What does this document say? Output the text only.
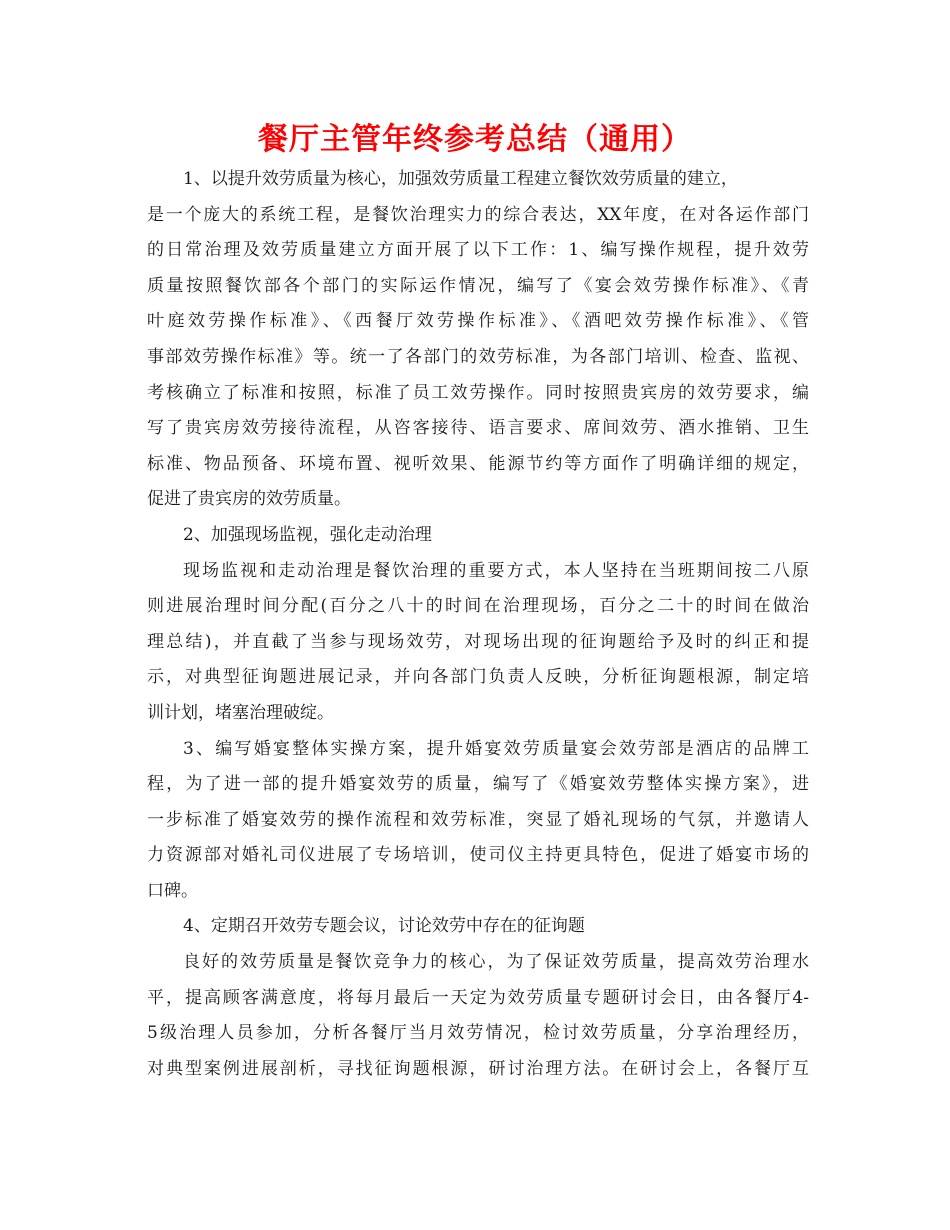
餐厅主管年终参考总结（通用）
1、以提升效劳质量为核心，加强效劳质量工程建立餐饮效劳质量的建立，
是一个庞大的系统工程，是餐饮治理实力的综合表达，XX年度，在对各运作部门
的日常治理及效劳质量建立方面开展了以下工作：1、编写操作规程，提升效劳
质量按照餐饮部各个部门的实际运作情况，编写了《宴会效劳操作标准》、《青
叶庭效劳操作标准》、《西餐厅效劳操作标准》、《酒吧效劳操作标准》、《管
事部效劳操作标准》等。统一了各部门的效劳标准，为各部门培训、检查、监视、
考核确立了标准和按照，标准了员工效劳操作。同时按照贵宾房的效劳要求，编
写了贵宾房效劳接待流程，从咨客接待、语言要求、席间效劳、酒水推销、卫生
标准、物品预备、环境布置、视听效果、能源节约等方面作了明确详细的规定，
促进了贵宾房的效劳质量。
2、加强现场监视，强化走动治理
现场监视和走动治理是餐饮治理的重要方式，本人坚持在当班期间按二八原
则进展治理时间分配(百分之八十的时间在治理现场，百分之二十的时间在做治
理总结)，并直截了当参与现场效劳，对现场出现的征询题给予及时的纠正和提
示，对典型征询题进展记录，并向各部门负责人反映，分析征询题根源，制定培
训计划，堵塞治理破绽。
3、编写婚宴整体实操方案，提升婚宴效劳质量宴会效劳部是酒店的品牌工
程，为了进一部的提升婚宴效劳的质量，编写了《婚宴效劳整体实操方案》，进
一步标准了婚宴效劳的操作流程和效劳标准，突显了婚礼现场的气氛，并邀请人
力资源部对婚礼司仪进展了专场培训，使司仪主持更具特色，促进了婚宴市场的
口碑。
4、定期召开效劳专题会议，讨论效劳中存在的征询题
良好的效劳质量是餐饮竞争力的核心，为了保证效劳质量，提高效劳治理水
平，提高顾客满意度，将每月最后一天定为效劳质量专题研讨会日，由各餐厅4-
5级治理人员参加，分析各餐厅当月效劳情况，检讨效劳质量，分享治理经历，
对典型案例进展剖析，寻找征询题根源，研讨治理方法。在研讨会上，各餐厅互
